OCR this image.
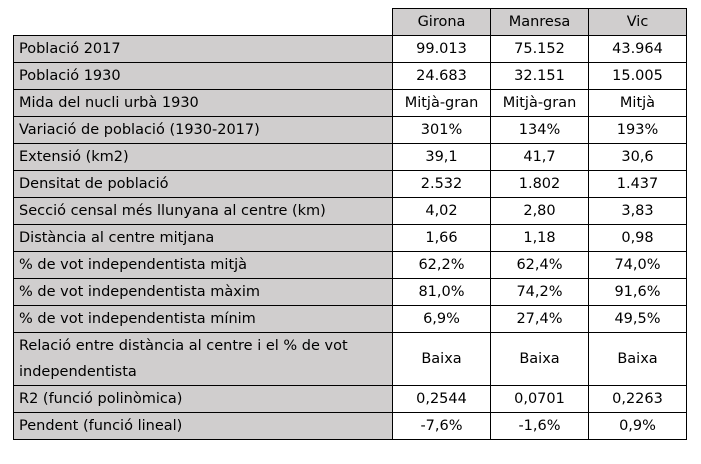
	Girona	Manresa	Vic
Població 2017	99.013	75.152	43.964
Població 1930	24.683	32.151	15.005
Mida del nucli urbà 1930	Mitjà-gran	Mitjà-gran	Mitjà
Variació de població (1930-2017)	301%	134%	193%
Extensió (km2)	39,1	41,7	30,6
Densitat de població	2.532	1.802	1.437
Secció censal més llunyana al centre (km)	4,02	2,80	3,83
Distància al centre mitjana	1,66	1,18	0,98
% de vot independentista mitjà	62,2%	62,4%	74,0%
% de vot independentista màxim	81,0%	74,2%	91,6%
% de vot independentista mínim	6,9%	27,4%	49,5%
Relació entre distància al centre i el % de vot independentista	Baixa	Baixa	Baixa
R2 (funció polinòmica)	0,2544	0,0701	0,2263
Pendent (funció lineal)	-7,6%	-1,6%	0,9%
